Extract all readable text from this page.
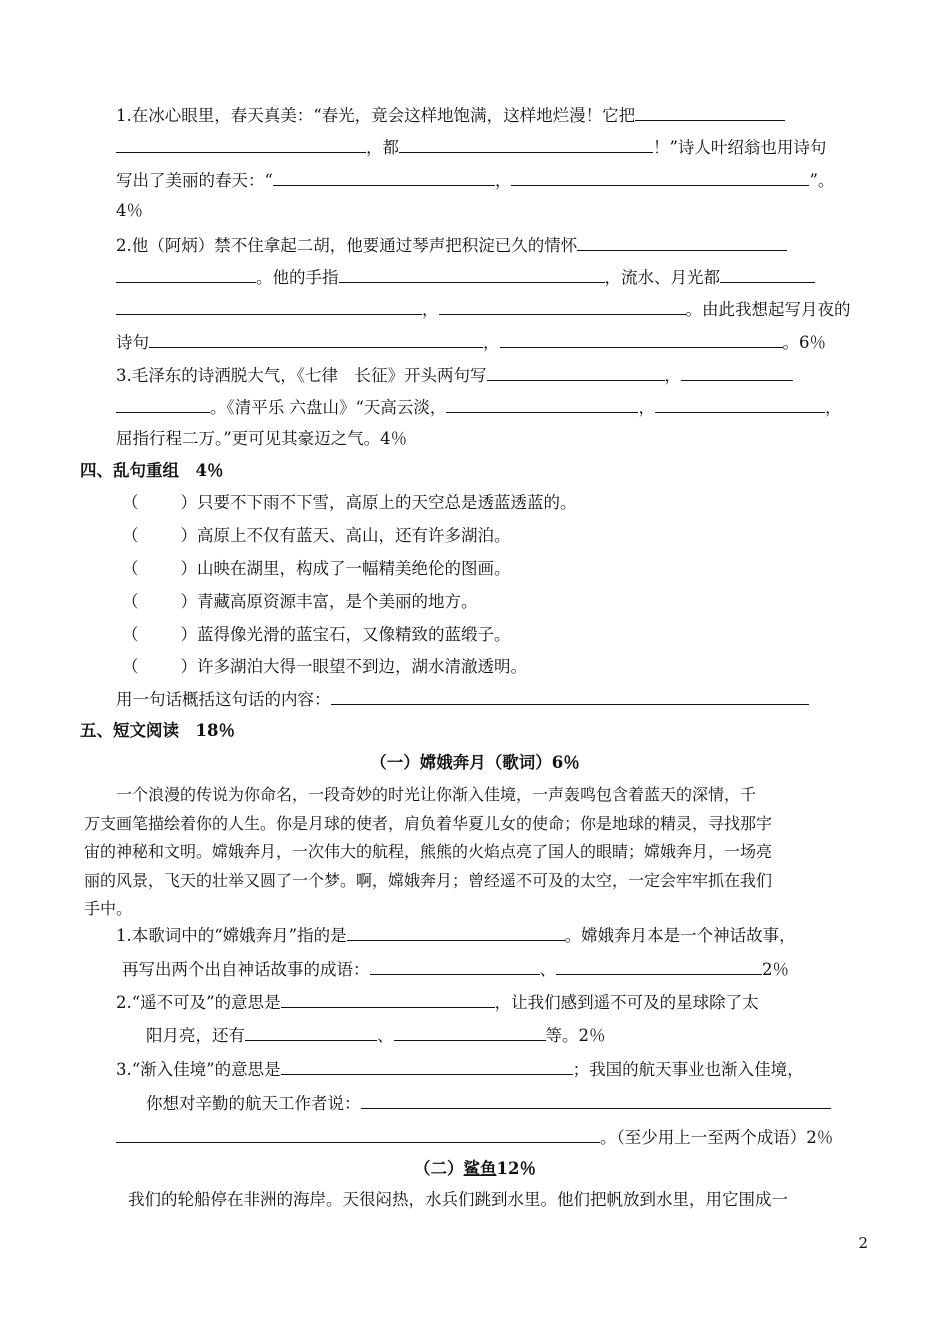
1.在冰心眼里，春天真美：“春光，竟会这样地饱满，这样地烂漫！它把
，都	！”诗人叶绍翁也用诗句
写出了美丽的春天：“	，	”。
4％
2.他（阿炳）禁不住拿起二胡，他要通过琴声把积淀已久的情怀
。他的手指	，流水、月光都
，	。由此我想起写月夜的
诗句	，	。6％
3.毛泽东的诗洒脱大气，《七律　长征》开头两句写	，
。《清平乐 六盘山》“天高云淡，	，	，
屈指行程二万。”更可见其豪迈之气。4％
四、乱句重组　4％
（	）只要不下雨不下雪，高原上的天空总是透蓝透蓝的。
（	）高原上不仅有蓝天、高山，还有许多湖泊。
（	）山映在湖里，构成了一幅精美绝伦的图画。
（	）青藏高原资源丰富，是个美丽的地方。
（	）蓝得像光滑的蓝宝石，又像精致的蓝缎子。
（	）许多湖泊大得一眼望不到边，湖水清澈透明。
用一句话概括这句话的内容：
五、短文阅读　18％
（一）嫦娥奔月（歌词）6％
一个浪漫的传说为你命名，一段奇妙的时光让你渐入佳境，一声轰鸣包含着蓝天的深情，千
万支画笔描绘着你的人生。你是月球的使者，肩负着华夏儿女的使命；你是地球的精灵，寻找那宇
宙的神秘和文明。嫦娥奔月，一次伟大的航程，熊熊的火焰点亮了国人的眼睛；嫦娥奔月，一场亮
丽的风景，飞天的壮举又圆了一个梦。啊，嫦娥奔月；曾经遥不可及的太空，一定会牢牢抓在我们
手中。
1.本歌词中的“嫦娥奔月”指的是	。嫦娥奔月本是一个神话故事，
再写出两个出自神话故事的成语：	、	2％
2.“遥不可及”的意思是	，让我们感到遥不可及的星球除了太
阳月亮，还有	、	等。2％
3.“渐入佳境”的意思是	；我国的航天事业也渐入佳境，
你想对辛勤的航天工作者说：
。（至少用上一至两个成语）2％
（二）鲨鱼12％
我们的轮船停在非洲的海岸。天很闷热，水兵们跳到水里。他们把帆放到水里，用它围成一
2
